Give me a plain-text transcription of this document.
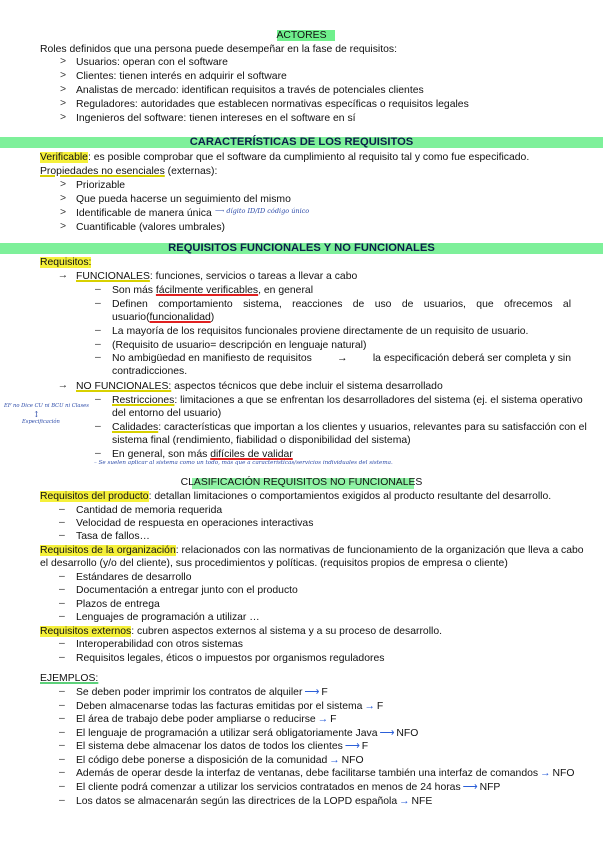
ACTORES
Roles definidos que una persona puede desempeñar en la fase de requisitos:
> Usuarios: operan con el software
> Clientes: tienen interés en adquirir el software
> Analistas de mercado: identifican requisitos a través de potenciales clientes
> Reguladores: autoridades que establecen normativas específicas o requisitos legales
> Ingenieros del software: tienen intereses en el software en sí
CARACTERÍSTICAS DE LOS REQUISITOS
Verificable: es posible comprobar que el software da cumplimiento al requisito tal y como fue especificado.
Propiedades no esenciales (externas):
> Priorizable
> Que pueda hacerse un seguimiento del mismo
> Identificable de manera única ⟶ dígito ID/ID código único
> Cuantificable (valores umbrales)
REQUISITOS FUNCIONALES Y NO FUNCIONALES
Requisitos:
→ FUNCIONALES: funciones, servicios o tareas a llevar a cabo
– Son más fácilmente verificables, en general
– Definen comportamiento sistema, reacciones de uso de usuarios, que ofrecemos al
usuario(funcionalidad)
– La mayoría de los requisitos funcionales proviene directamente de un requisito de usuario.
– (Requisito de usuario= descripción en lenguaje natural)
– No ambigüedad en manifiesto de requisitos → la especificación deberá ser completa y sin
contradicciones.
→ NO FUNCIONALES: aspectos técnicos que debe incluir el sistema desarrollado
– Restricciones: limitaciones a que se enfrentan los desarrolladores del sistema (ej. el sistema operativo
del entorno del usuario)
– Calidades: características que importan a los clientes y usuarios, relevantes para su satisfacción con el
sistema final (rendimiento, fiabilidad o disponibilidad del sistema)
– En general, son más difíciles de validar
– Se suelen aplicar al sistema como un todo, más que a características/servicios individuales del sistema.
EF no Dice CU ni BCU ni Clases
↕
Especificación
CLASIFICACIÓN REQUISITOS NO FUNCIONALES
Requisitos del producto: detallan limitaciones o comportamientos exigidos al producto resultante del desarrollo.
– Cantidad de memoria requerida
– Velocidad de respuesta en operaciones interactivas
– Tasa de fallos…
Requisitos de la organización: relacionados con las normativas de funcionamiento de la organización que lleva a cabo
el desarrollo (y/o del cliente), sus procedimientos y políticas. (requisitos propios de empresa o cliente)
– Estándares de desarrollo
– Documentación a entregar junto con el producto
– Plazos de entrega
– Lenguajes de programación a utilizar …
Requisitos externos: cubren aspectos externos al sistema y a su proceso de desarrollo.
– Interoperabilidad con otros sistemas
– Requisitos legales, éticos o impuestos por organismos reguladores
EJEMPLOS:
– Se deben poder imprimir los contratos de alquiler ⟶ F
– Deben almacenarse todas las facturas emitidas por el sistema → F
– El área de trabajo debe poder ampliarse o reducirse → F
– El lenguaje de programación a utilizar será obligatoriamente Java ⟶ NFO
– El sistema debe almacenar los datos de todos los clientes ⟶ F
– El código debe ponerse a disposición de la comunidad → NFO
– Además de operar desde la interfaz de ventanas, debe facilitarse también una interfaz de comandos → NFO
– El cliente podrá comenzar a utilizar los servicios contratados en menos de 24 horas ⟶ NFP
– Los datos se almacenarán según las directrices de la LOPD española → NFE
